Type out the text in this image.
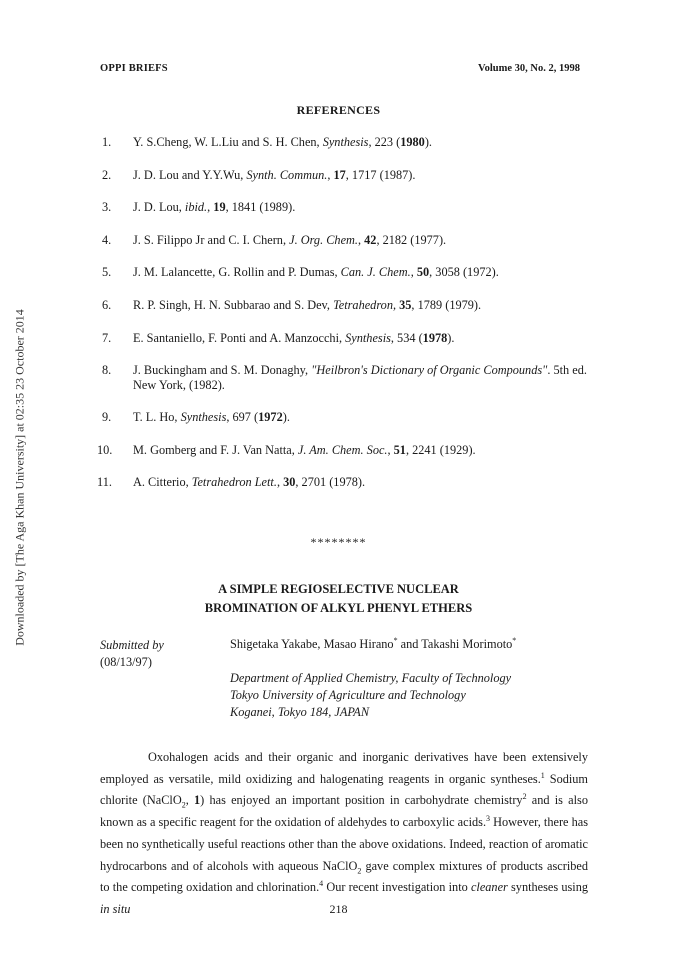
Downloaded by [The Aga Khan University] at 02:35 23 October 2014
OPPI BRIEFS	Volume 30, No. 2, 1998
REFERENCES
1. Y. S.Cheng, W. L.Liu and S. H. Chen, Synthesis, 223 (1980).
2. J. D. Lou and Y.Y.Wu, Synth. Commun., 17, 1717 (1987).
3. J. D. Lou, ibid., 19, 1841 (1989).
4. J. S. Filippo Jr and C. I. Chern, J. Org. Chem., 42, 2182 (1977).
5. J. M. Lalancette, G. Rollin and P. Dumas, Can. J. Chem., 50, 3058 (1972).
6. R. P. Singh, H. N. Subbarao and S. Dev, Tetrahedron, 35, 1789 (1979).
7. E. Santaniello, F. Ponti and A. Manzocchi, Synthesis, 534 (1978).
8. J. Buckingham and S. M. Donaghy, "Heilbron's Dictionary of Organic Compounds". 5th ed. New York, (1982).
9. T. L. Ho, Synthesis, 697 (1972).
10. M. Gomberg and F. J. Van Natta, J. Am. Chem. Soc., 51, 2241 (1929).
11. A. Citterio, Tetrahedron Lett., 30, 2701 (1978).
********
A SIMPLE REGIOSELECTIVE NUCLEAR
BROMINATION OF ALKYL PHENYL ETHERS
Submitted by
(08/13/97)
Shigetaka Yakabe, Masao Hirano* and Takashi Morimoto*
Department of Applied Chemistry, Faculty of Technology
Tokyo University of Agriculture and Technology
Koganei, Tokyo 184, JAPAN
Oxohalogen acids and their organic and inorganic derivatives have been extensively employed as versatile, mild oxidizing and halogenating reagents in organic syntheses.$^1$ Sodium chlorite (NaClO$_2$, 1) has enjoyed an important position in carbohydrate chemistry$^2$ and is also known as a specific reagent for the oxidation of aldehydes to carboxylic acids.$^3$ However, there has been no synthetically useful reactions other than the above oxidations. Indeed, reaction of aromatic hydrocarbons and of alcohols with aqueous NaClO$_2$ gave complex mixtures of products ascribed to the competing oxidation and chlorination.$^4$ Our recent investigation into cleaner syntheses using in situ	218
